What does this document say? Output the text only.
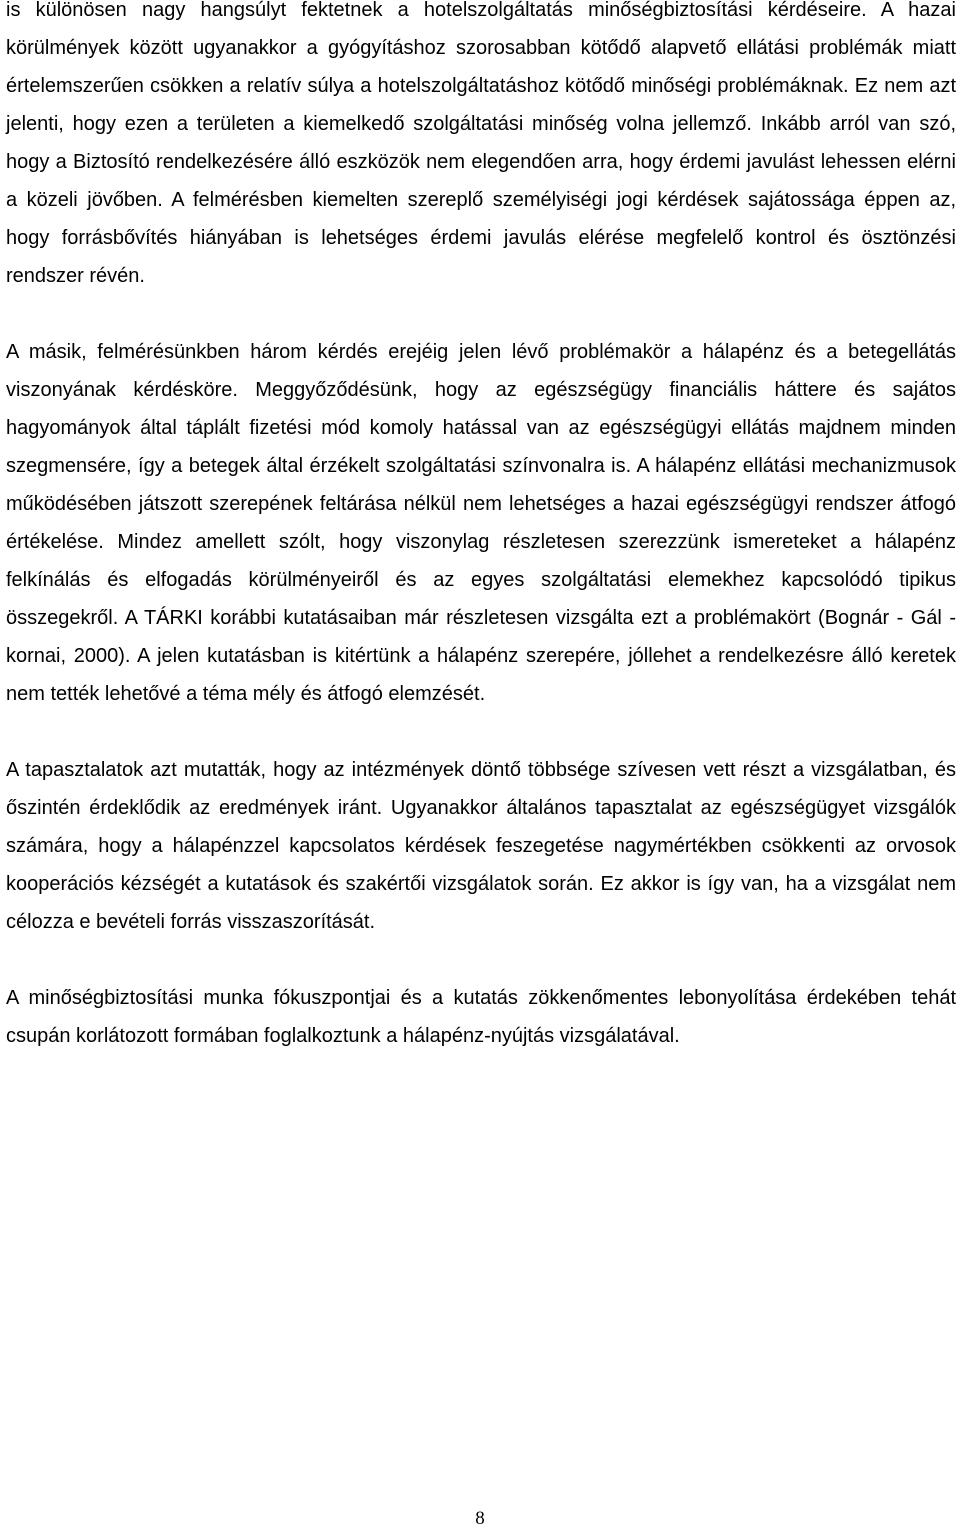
is különösen nagy hangsúlyt fektetnek a hotelszolgáltatás minőségbiztosítási kérdéseire. A hazai körülmények között ugyanakkor a gyógyításhoz szorosabban kötődő alapvető ellátási problémák miatt értelemszerűen csökken a relatív súlya a hotelszolgáltatáshoz kötődő minőségi problémáknak. Ez nem azt jelenti, hogy ezen a területen a kiemelkedő szolgáltatási minőség volna jellemző. Inkább arról van szó, hogy a Biztosító rendelkezésére álló eszközök nem elegendően arra, hogy érdemi javulást lehessen elérni a közeli jövőben. A felmérésben kiemelten szereplő személyiségi jogi kérdések sajátossága éppen az, hogy forrásbővítés hiányában is lehetséges érdemi javulás elérése megfelelő kontrol és ösztönzési rendszer révén.

A másik, felmérésünkben három kérdés erejéig jelen lévő problémakör a hálapénz és a betegellátás viszonyának kérdésköre. Meggyőződésünk, hogy az egészségügy financiális háttere és sajátos hagyományok által táplált fizetési mód komoly hatással van az egészségügyi ellátás majdnem minden szegmensére, így a betegek által érzékelt szolgáltatási színvonalra is. A hálapénz ellátási mechanizmusok működésében játszott szerepének feltárása nélkül nem lehetséges a hazai egészségügyi rendszer átfogó értékelése. Mindez amellett szólt, hogy viszonylag részletesen szerezzünk ismereteket a hálapénz felkínálás és elfogadás körülményeiről és az egyes szolgáltatási elemekhez kapcsolódó tipikus összegekről. A TÁRKI korábbi kutatásaiban már részletesen vizsgálta ezt a problémakört (Bognár - Gál - kornai, 2000). A jelen kutatásban is kitértünk a hálapénz szerepére, jóllehet a rendelkezésre álló keretek nem tették lehetővé a téma mély és átfogó elemzését.

A tapasztalatok azt mutatták, hogy az intézmények döntő többsége szívesen vett részt a vizsgálatban, és őszintén érdeklődik az eredmények iránt. Ugyanakkor általános tapasztalat az egészségügyet vizsgálók számára, hogy a hálapénzzel kapcsolatos kérdések feszegetése nagymértékben csökkenti az orvosok kooperációs kézségét a kutatások és szakértői vizsgálatok során. Ez akkor is így van, ha a vizsgálat nem célozza e bevételi forrás visszaszorítását.

A minőségbiztosítási munka fókuszpontjai és a kutatás zökkenőmentes lebonyolítása érdekében tehát csupán korlátozott formában foglalkoztunk a hálapénz-nyújtás vizsgálatával.

8
